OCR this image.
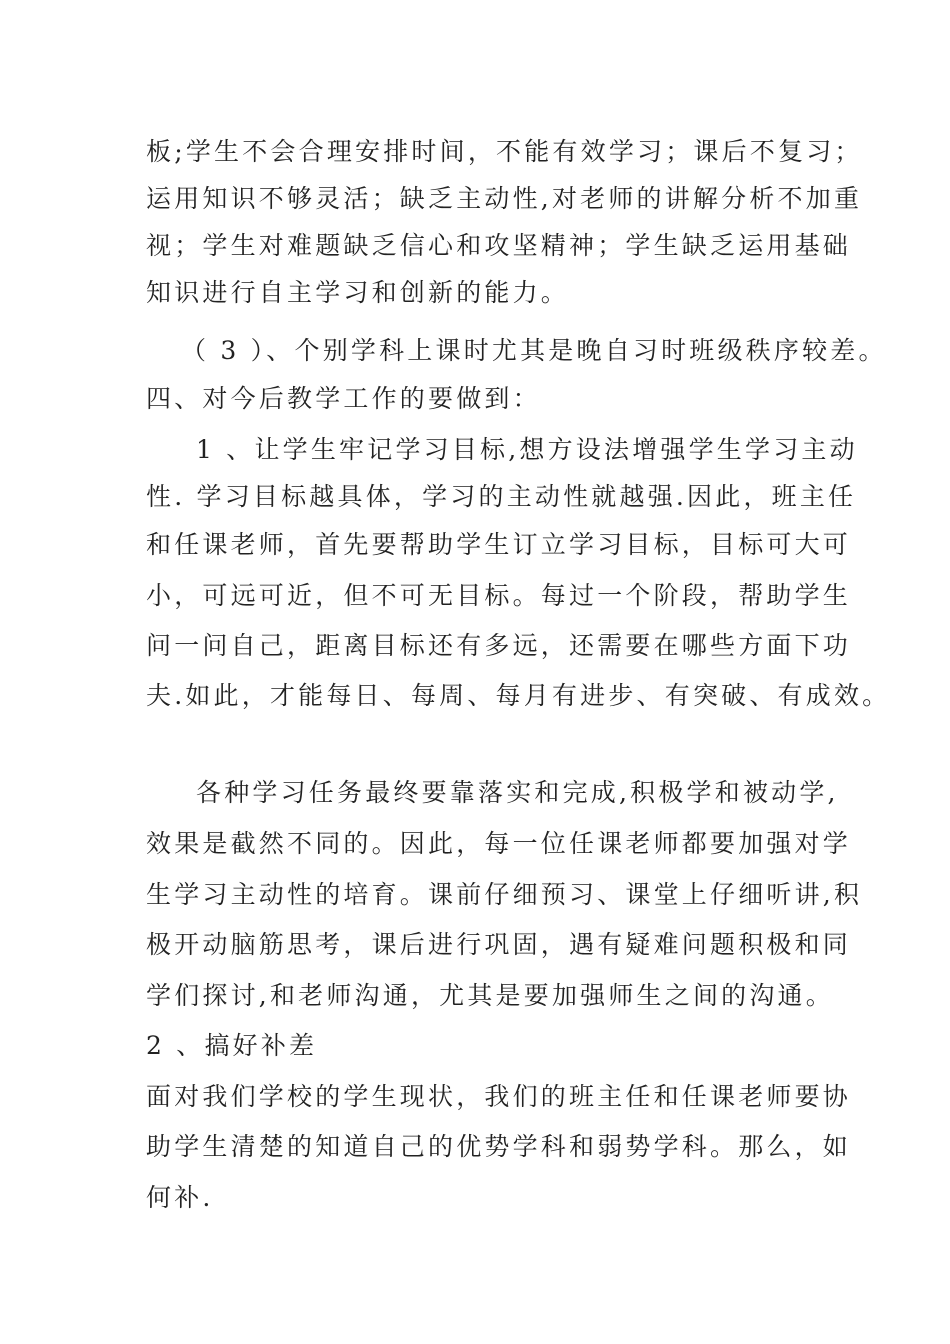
板;学生不会合理安排时间，不能有效学习；课后不复习；
运用知识不够灵活；缺乏主动性,对老师的讲解分析不加重
视；学生对难题缺乏信心和攻坚精神；学生缺乏运用基础
知识进行自主学习和创新的能力。
（ 3 ）、个别学科上课时尤其是晚自习时班级秩序较差。
四、对今后教学工作的要做到：
1 、让学生牢记学习目标,想方设法增强学生学习主动
性. 学习目标越具体，学习的主动性就越强.因此，班主任
和任课老师，首先要帮助学生订立学习目标，目标可大可
小，可远可近，但不可无目标。每过一个阶段，帮助学生
问一问自己，距离目标还有多远，还需要在哪些方面下功
夫.如此，才能每日、每周、每月有进步、有突破、有成效。
各种学习任务最终要靠落实和完成,积极学和被动学,
效果是截然不同的。因此，每一位任课老师都要加强对学
生学习主动性的培育。课前仔细预习、课堂上仔细听讲,积
极开动脑筋思考，课后进行巩固，遇有疑难问题积极和同
学们探讨,和老师沟通，尤其是要加强师生之间的沟通。
2 、搞好补差
面对我们学校的学生现状，我们的班主任和任课老师要协
助学生清楚的知道自己的优势学科和弱势学科。那么，如
何补.
